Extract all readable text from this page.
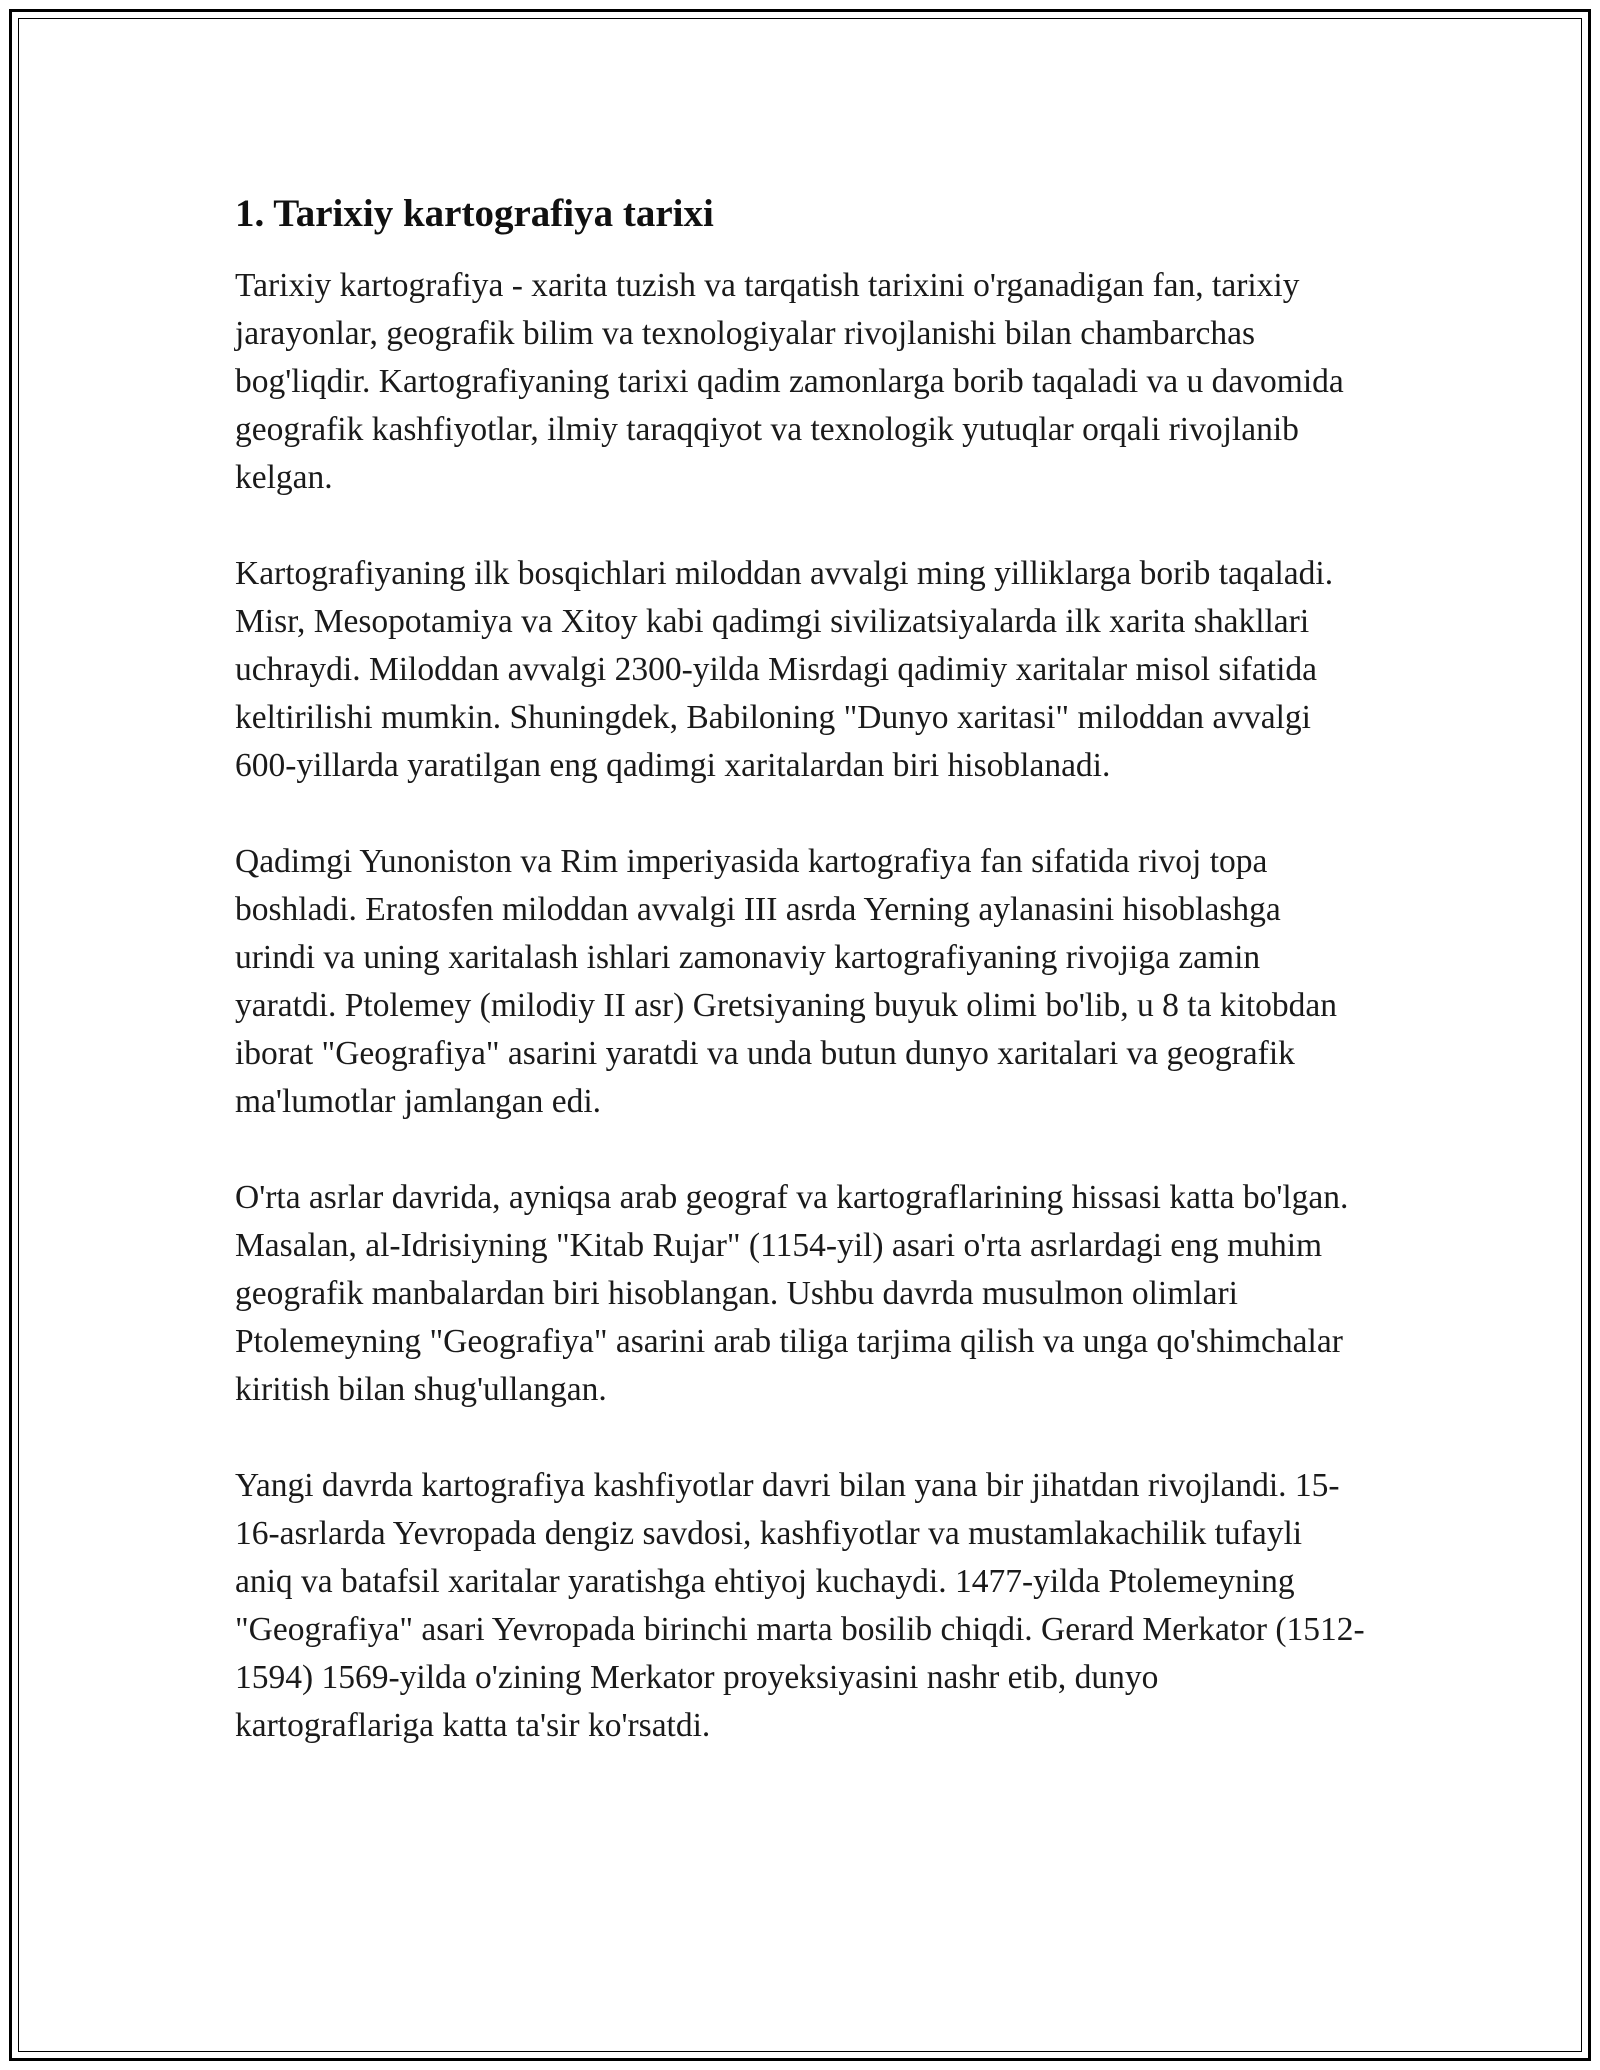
1. Tarixiy kartografiya tarixi

Tarixiy kartografiya - xarita tuzish va tarqatish tarixini o'rganadigan fan, tarixiy jarayonlar, geografik bilim va texnologiyalar rivojlanishi bilan chambarchas bog'liqdir. Kartografiyaning tarixi qadim zamonlarga borib taqaladi va u davomida geografik kashfiyotlar, ilmiy taraqqiyot va texnologik yutuqlar orqali rivojlanib kelgan.

Kartografiyaning ilk bosqichlari miloddan avvalgi ming yilliklarga borib taqaladi. Misr, Mesopotamiya va Xitoy kabi qadimgi sivilizatsiyalarda ilk xarita shakllari uchraydi. Miloddan avvalgi 2300-yilda Misrdagi qadimiy xaritalar misol sifatida keltirilishi mumkin. Shuningdek, Babiloning "Dunyo xaritasi" miloddan avvalgi 600-yillarda yaratilgan eng qadimgi xaritalardan biri hisoblanadi.

Qadimgi Yunoniston va Rim imperiyasida kartografiya fan sifatida rivoj topa boshladi. Eratosfen miloddan avvalgi III asrda Yerning aylanasini hisoblashga urindi va uning xaritalash ishlari zamonaviy kartografiyaning rivojiga zamin yaratdi. Ptolemey (milodiy II asr) Gretsiyaning buyuk olimi bo'lib, u 8 ta kitobdan iborat "Geografiya" asarini yaratdi va unda butun dunyo xaritalari va geografik ma'lumotlar jamlangan edi.

O'rta asrlar davrida, ayniqsa arab geograf va kartograflarining hissasi katta bo'lgan. Masalan, al-Idrisiyning "Kitab Rujar" (1154-yil) asari o'rta asrlardagi eng muhim geografik manbalardan biri hisoblangan. Ushbu davrda musulmon olimlari Ptolemeyning "Geografiya" asarini arab tiliga tarjima qilish va unga qo'shimchalar kiritish bilan shug'ullangan.

Yangi davrda kartografiya kashfiyotlar davri bilan yana bir jihatdan rivojlandi. 15-16-asrlarda Yevropada dengiz savdosi, kashfiyotlar va mustamlakachilik tufayli aniq va batafsil xaritalar yaratishga ehtiyoj kuchaydi. 1477-yilda Ptolemeyning "Geografiya" asari Yevropada birinchi marta bosilib chiqdi. Gerard Merkator (1512-1594) 1569-yilda o'zining Merkator proyeksiyasini nashr etib, dunyo kartograflariga katta ta'sir ko'rsatdi.
